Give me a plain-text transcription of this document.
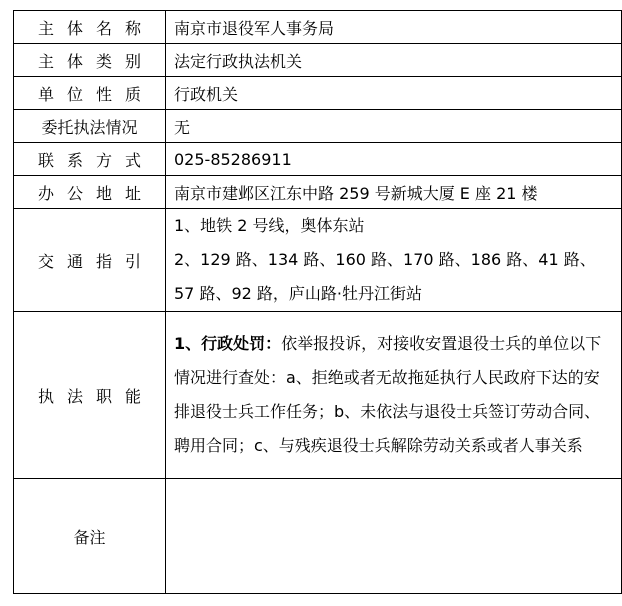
主体名称	南京市退役军人事务局
主体类别	法定行政执法机关
单位性质	行政机关
委托执法情况	无
联系方式	025-85286911
办公地址	南京市建邺区江东中路 259 号新城大厦 E 座 21 楼
交通指引	1、地铁 2 号线，奥体东站
2、129 路、134 路、160 路、170 路、186 路、41 路、57 路、92 路，庐山路·牡丹江街站

执法职能	1、行政处罚：依举报投诉，对接收安置退役士兵的单位以下情况进行查处：a、拒绝或者无故拖延执行人民政府下达的安排退役士兵工作任务；b、未依法与退役士兵签订劳动合同、聘用合同；c、与残疾退役士兵解除劳动关系或者人事关系
备注	
